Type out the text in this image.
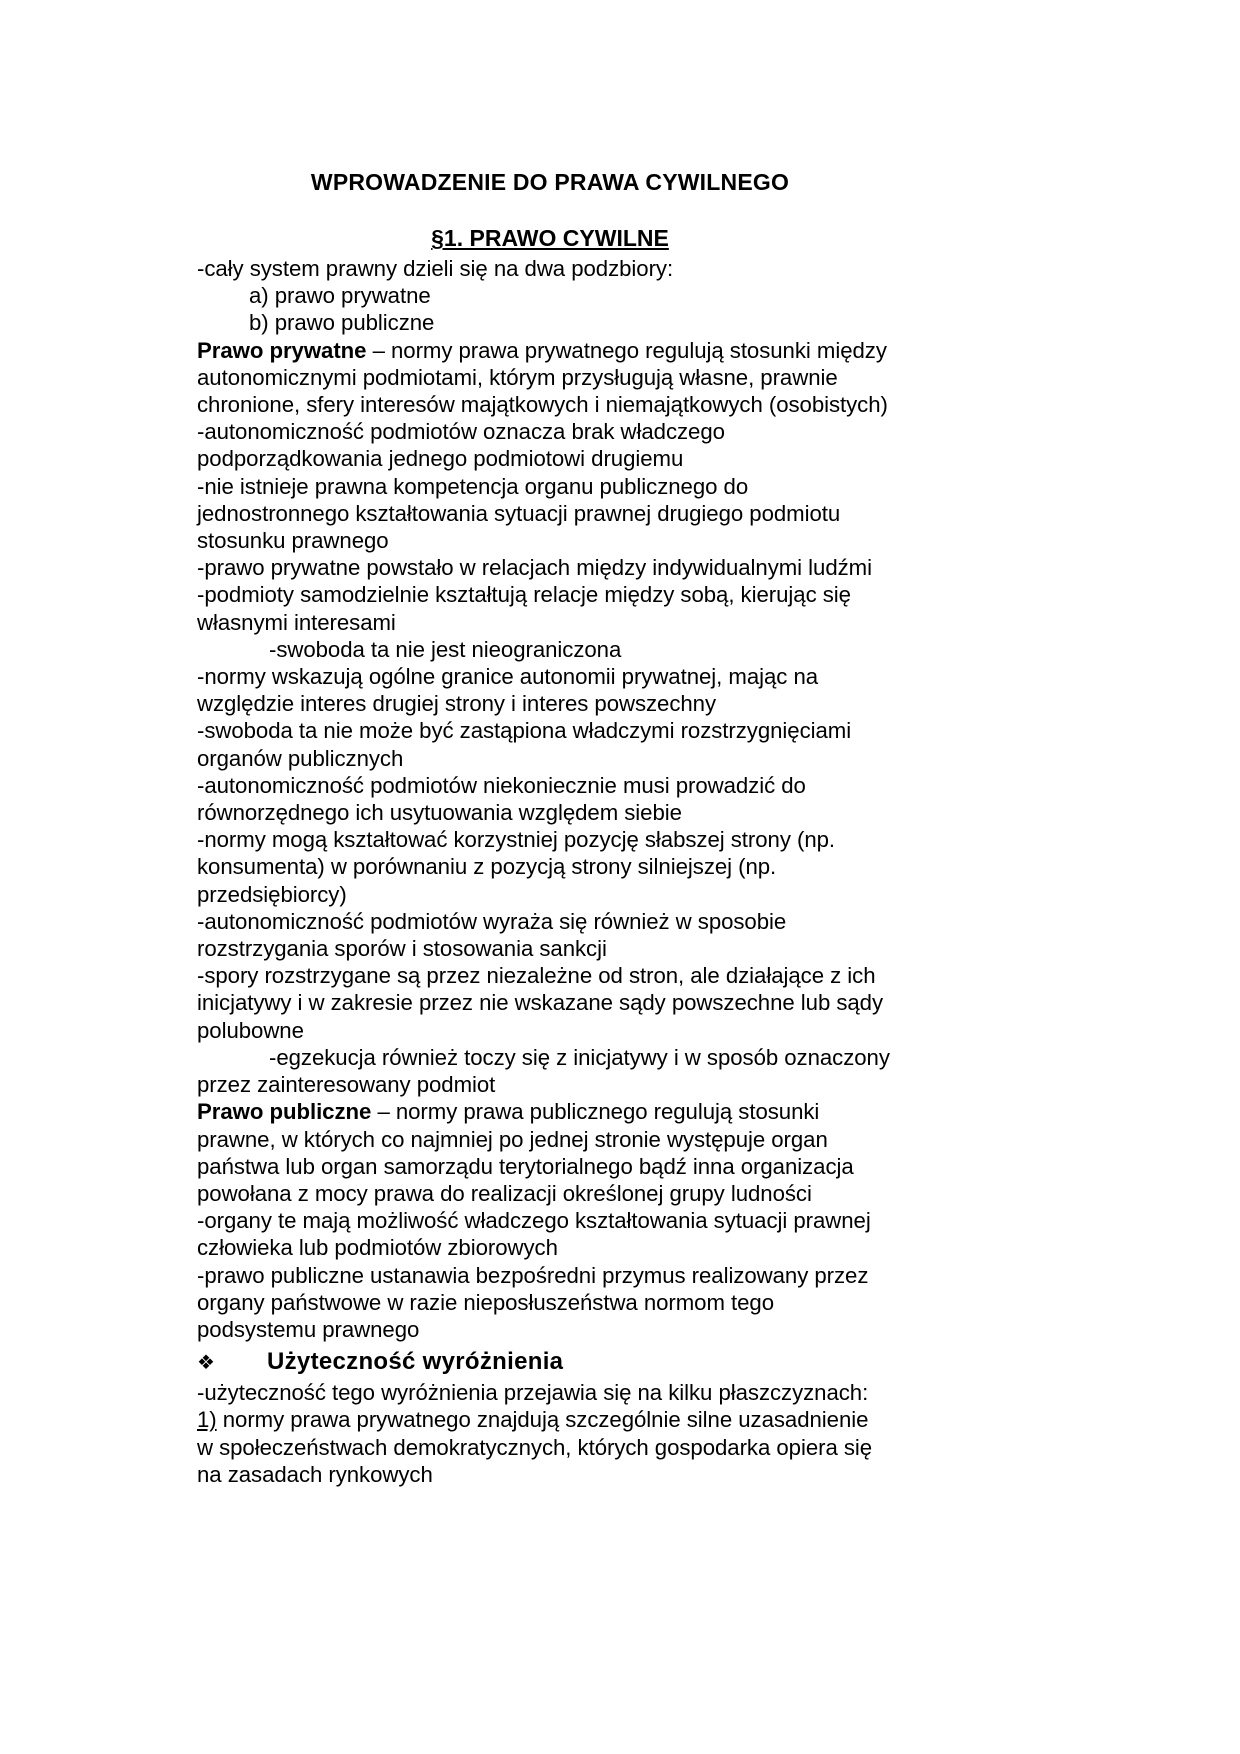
WPROWADZENIE DO PRAWA CYWILNEGO
§1. PRAWO CYWILNE

-cały system prawny dzieli się na dwa podzbiory:

a) prawo prywatne

b) prawo publiczne

Prawo prywatne – normy prawa prywatnego regulują stosunki między

autonomicznymi podmiotami, którym przysługują własne, prawnie

chronione, sfery interesów majątkowych i niemajątkowych (osobistych)

-autonomiczność podmiotów oznacza brak władczego

podporządkowania jednego podmiotowi drugiemu

-nie istnieje prawna kompetencja organu publicznego do

jednostronnego kształtowania sytuacji prawnej drugiego podmiotu

stosunku prawnego

-prawo prywatne powstało w relacjach między indywidualnymi ludźmi

-podmioty samodzielnie kształtują relacje między sobą, kierując się

własnymi interesami

-swoboda ta nie jest nieograniczona

-normy wskazują ogólne granice autonomii prywatnej, mając na

względzie interes drugiej strony i interes powszechny

-swoboda ta nie może być zastąpiona władczymi rozstrzygnięciami

organów publicznych

-autonomiczność podmiotów niekoniecznie musi prowadzić do

równorzędnego ich usytuowania względem siebie

-normy mogą kształtować korzystniej pozycję słabszej strony (np.

konsumenta) w porównaniu z pozycją strony silniejszej (np.

przedsiębiorcy)

-autonomiczność podmiotów wyraża się również w sposobie

rozstrzygania sporów i stosowania sankcji

-spory rozstrzygane są przez niezależne od stron, ale działające z ich

inicjatywy i w zakresie przez nie wskazane sądy powszechne lub sądy

polubowne

-egzekucja również toczy się z inicjatywy i w sposób oznaczony

przez zainteresowany podmiot

Prawo publiczne – normy prawa publicznego regulują stosunki

prawne, w których co najmniej po jednej stronie występuje organ

państwa lub organ samorządu terytorialnego bądź inna organizacja

powołana z mocy prawa do realizacji określonej grupy ludności

-organy te mają możliwość władczego kształtowania sytuacji prawnej

człowieka lub podmiotów zbiorowych

-prawo publiczne ustanawia bezpośredni przymus realizowany przez

organy państwowe w razie nieposłuszeństwa normom tego

podsystemu prawnego

❖	Użyteczność wyróżnienia

-użyteczność tego wyróżnienia przejawia się na kilku płaszczyznach:

1) normy prawa prywatnego znajdują szczególnie silne uzasadnienie

w społeczeństwach demokratycznych, których gospodarka opiera się

na zasadach rynkowych
